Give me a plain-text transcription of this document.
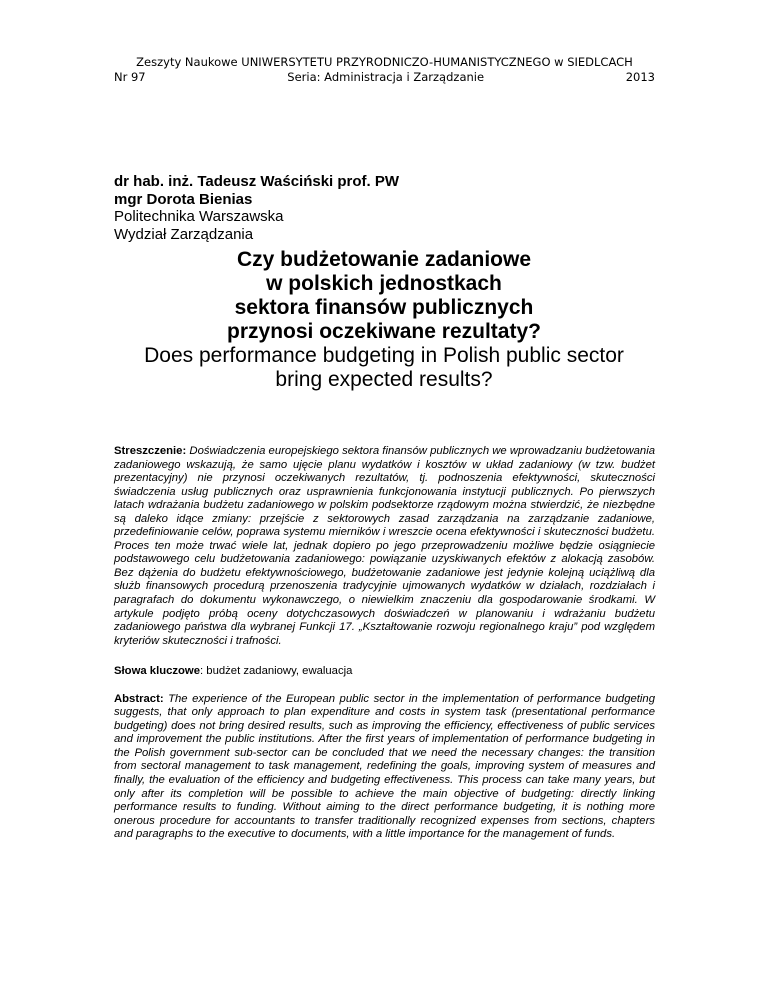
Zeszyty Naukowe UNIWERSYTETU PRZYRODNICZO-HUMANISTYCZNEGO w SIEDLCACH
Nr 97	Seria: Administracja i Zarządzanie	2013
dr hab. inż. Tadeusz Waściński prof. PW
mgr Dorota Bienias
Politechnika Warszawska
Wydział Zarządzania
Czy budżetowanie zadaniowe
w polskich jednostkach
sektora finansów publicznych
przynosi oczekiwane rezultaty?
Does performance budgeting in Polish public sector
bring expected results?

Streszczenie: Doświadczenia europejskiego sektora finansów publicznych we wprowadzaniu budżetowania zadaniowego wskazują, że samo ujęcie planu wydatków i kosztów w układ zadaniowy (w tzw. budżet prezentacyjny) nie przynosi oczekiwanych rezultatów, tj. podnoszenia efektywności, skuteczności świadczenia usług publicznych oraz usprawnienia funkcjonowania instytucji publicznych. Po pierwszych latach wdrażania budżetu zadaniowego w polskim podsektorze rządowym można stwierdzić, że niezbędne są daleko idące zmiany: przejście z sektorowych zasad zarządzania na zarządzanie zadaniowe, przedefiniowanie celów, poprawa systemu mierników i wreszcie ocena efektywności i skuteczności budżetu. Proces ten może trwać wiele lat, jednak dopiero po jego przeprowadzeniu możliwe będzie osiągniecie podstawowego celu budżetowania zadaniowego: powiązanie uzyskiwanych efektów z alokacją zasobów. Bez dążenia do budżetu efektywnościowego, budżetowanie zadaniowe jest jedynie kolejną uciążliwą dla służb finansowych procedurą przenoszenia tradycyjnie ujmowanych wydatków w działach, rozdziałach i paragrafach do dokumentu wykonawczego, o niewielkim znaczeniu dla gospodarowanie środkami. W artykule podjęto próbą oceny dotychczasowych doświadczeń w planowaniu i wdrażaniu budżetu zadaniowego państwa dla wybranej Funkcji 17. „Kształtowanie rozwoju regionalnego kraju” pod względem kryteriów skuteczności i trafności.

Słowa kluczowe: budżet zadaniowy, ewaluacja

Abstract: The experience of the European public sector in the implementation of performance budgeting suggests, that only approach to plan expenditure and costs in system task (presentational performance budgeting) does not bring desired results, such as improving the efficiency, effectiveness of public services and improvement the public institutions. After the first years of implementation of performance budgeting in the Polish government sub-sector can be concluded that we need the necessary changes: the transition from sectoral management to task management, redefining the goals, improving system of measures and finally, the evaluation of the efficiency and budgeting effectiveness. This process can take many years, but only after its completion will be possible to achieve the main objective of budgeting: directly linking performance results to funding. Without aiming to the direct performance budgeting, it is nothing more onerous procedure for accountants to transfer traditionally recognized expenses from sections, chapters and paragraphs to the executive to documents, with a little importance for the management of funds.
